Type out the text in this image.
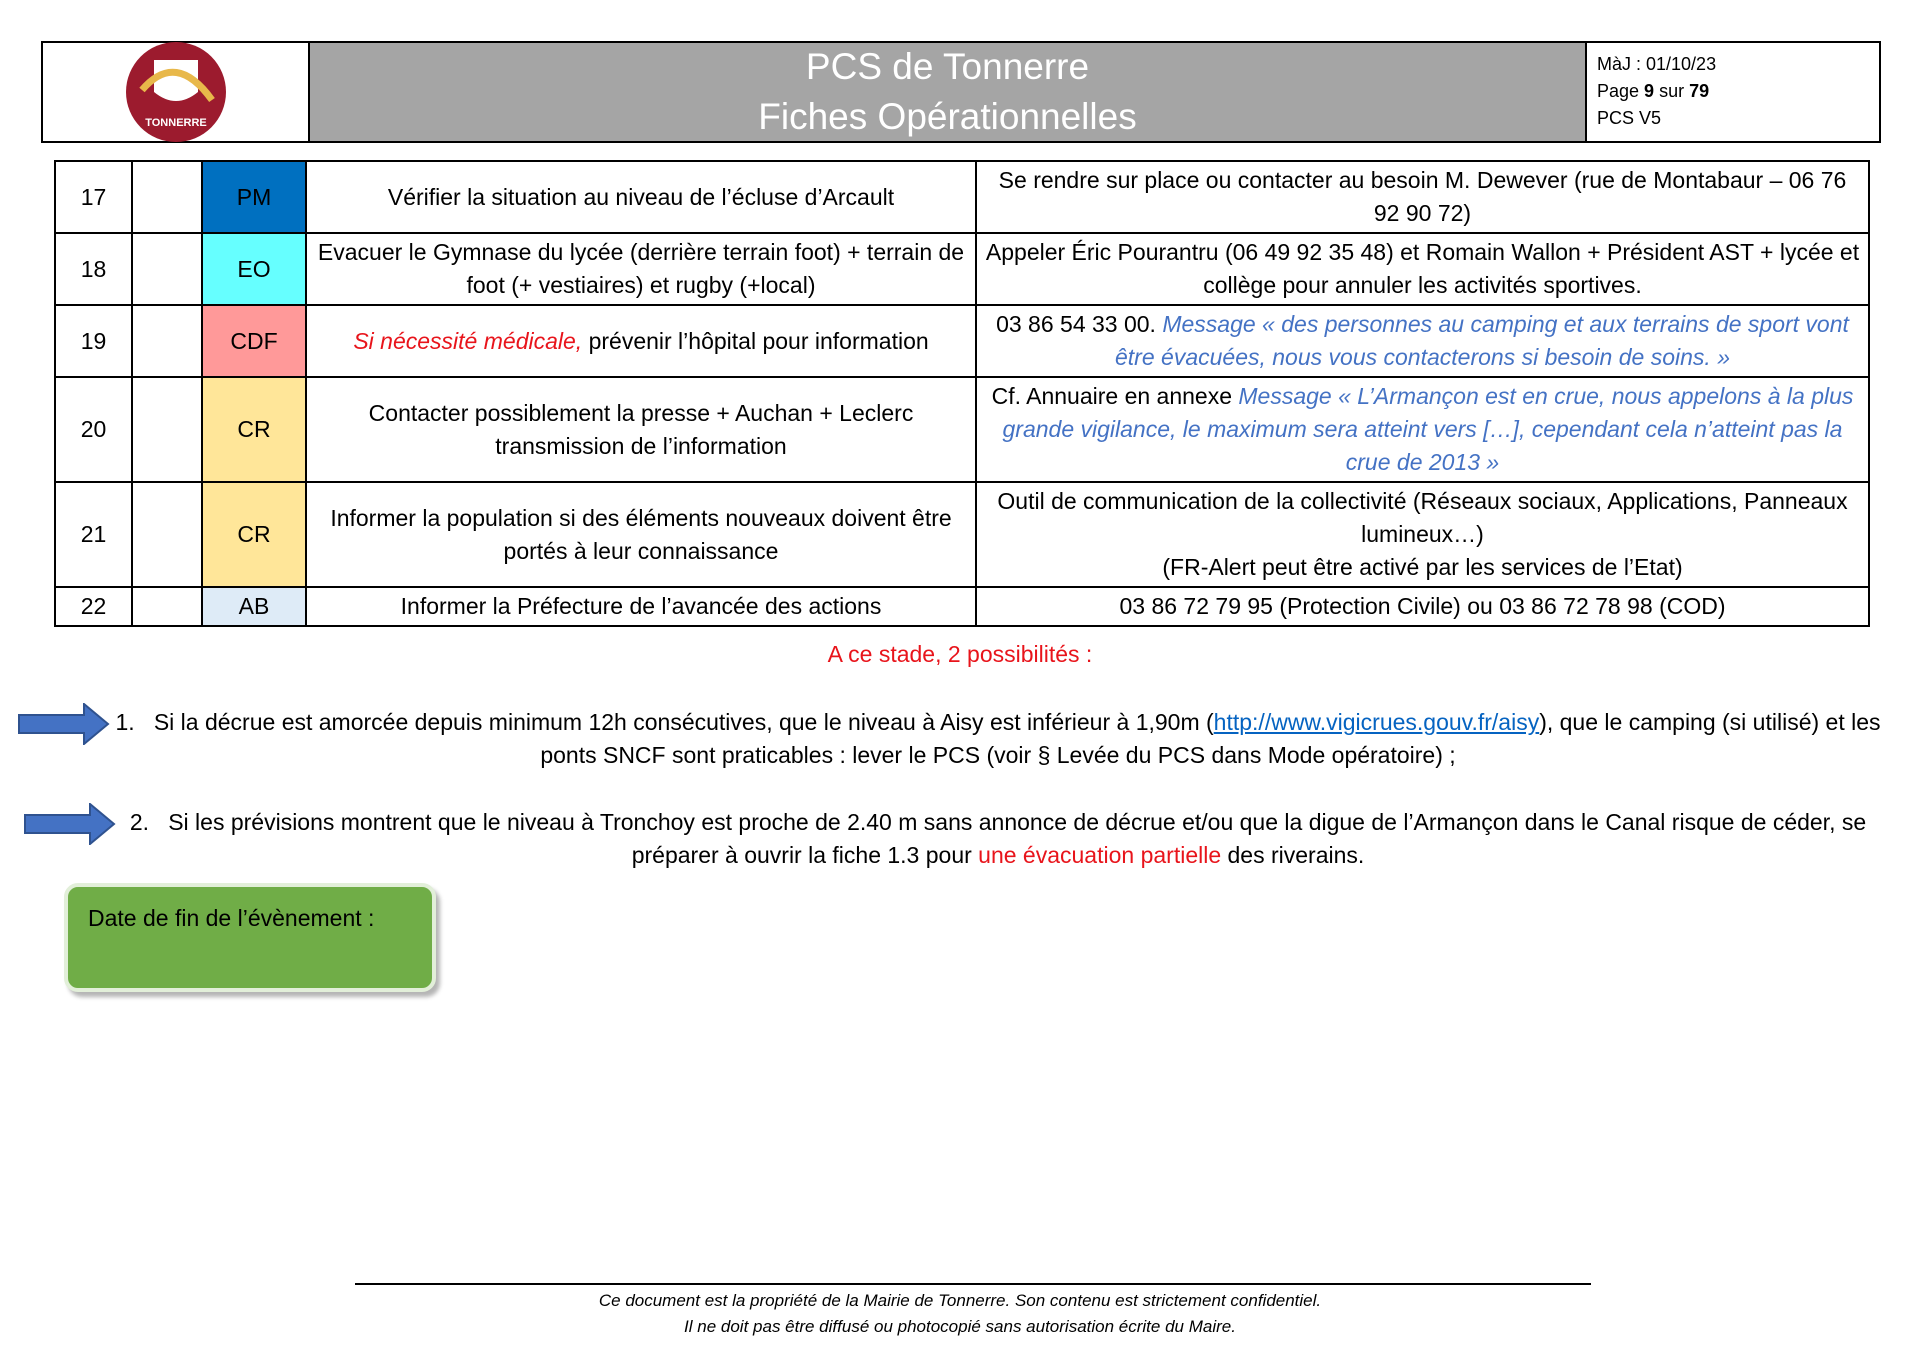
TONNERRE
PCS de Tonnerre
Fiches Opérationnelles
MàJ : 01/10/23
Page 9 sur 79
PCS V5
17		PM	Vérifier la situation au niveau de l’écluse d’Arcault	Se rendre sur place ou contacter au besoin M. Dewever (rue de Montabaur – 06 76 92 90 72)
18		EO	Evacuer le Gymnase du lycée (derrière terrain foot) + terrain de foot (+ vestiaires) et rugby (+local)	Appeler Éric Pourantru (06 49 92 35 48) et Romain Wallon + Président AST + lycée et collège pour annuler les activités sportives.
19		CDF	Si nécessité médicale, prévenir l’hôpital pour information	03 86 54 33 00. Message « des personnes au camping et aux terrains de sport vont être évacuées, nous vous contacterons si besoin de soins. »
20		CR	Contacter possiblement la presse + Auchan + Leclerc transmission de l’information	Cf. Annuaire en annexe Message « L’Armançon est en crue, nous appelons à la plus grande vigilance, le maximum sera atteint vers […], cependant cela n’atteint pas la crue de 2013 »
21		CR	Informer la population si des éléments nouveaux doivent être portés à leur connaissance	Outil de communication de la collectivité (Réseaux sociaux, Applications, Panneaux lumineux…)
(FR-Alert peut être activé par les services de l’Etat)

22		AB	Informer la Préfecture de l’avancée des actions	03 86 72 79 95 (Protection Civile) ou 03 86 72 78 98 (COD)
A ce stade, 2 possibilités :
1. Si la décrue est amorcée depuis minimum 12h consécutives, que le niveau à Aisy est inférieur à 1,90m (http://www.vigicrues.gouv.fr/aisy), que le camping (si utilisé) et les ponts SNCF sont praticables : lever le PCS (voir § Levée du PCS dans Mode opératoire) ;
2. Si les prévisions montrent que le niveau à Tronchoy est proche de 2.40 m sans annonce de décrue et/ou que la digue de l’Armançon dans le Canal risque de céder, se préparer à ouvrir la fiche 1.3 pour une évacuation partielle des riverains.
Date de fin de l’évènement :
Ce document est la propriété de la Mairie de Tonnerre. Son contenu est strictement confidentiel.
Il ne doit pas être diffusé ou photocopié sans autorisation écrite du Maire.
